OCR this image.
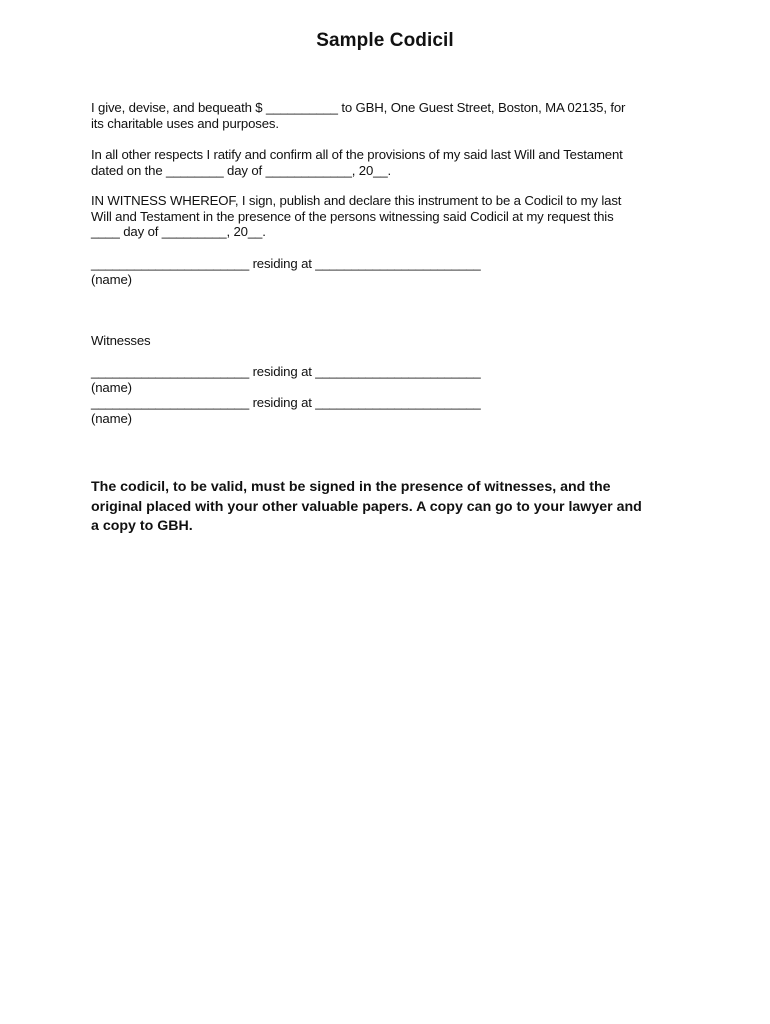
Sample Codicil
I give, devise, and bequeath $ __________ to GBH, One Guest Street, Boston, MA 02135, for
its charitable uses and purposes.
In all other respects I ratify and confirm all of the provisions of my said last Will and Testament
dated on the ________ day of ____________, 20__.
IN WITNESS WHEREOF, I sign, publish and declare this instrument to be a Codicil to my last
Will and Testament in the presence of the persons witnessing said Codicil at my request this
____ day of _________, 20__.
______________________ residing at _______________________
(name)
Witnesses
______________________ residing at _______________________
(name)
______________________ residing at _______________________
(name)
The codicil, to be valid, must be signed in the presence of witnesses, and the
original placed with your other valuable papers. A copy can go to your lawyer and
a copy to GBH.
